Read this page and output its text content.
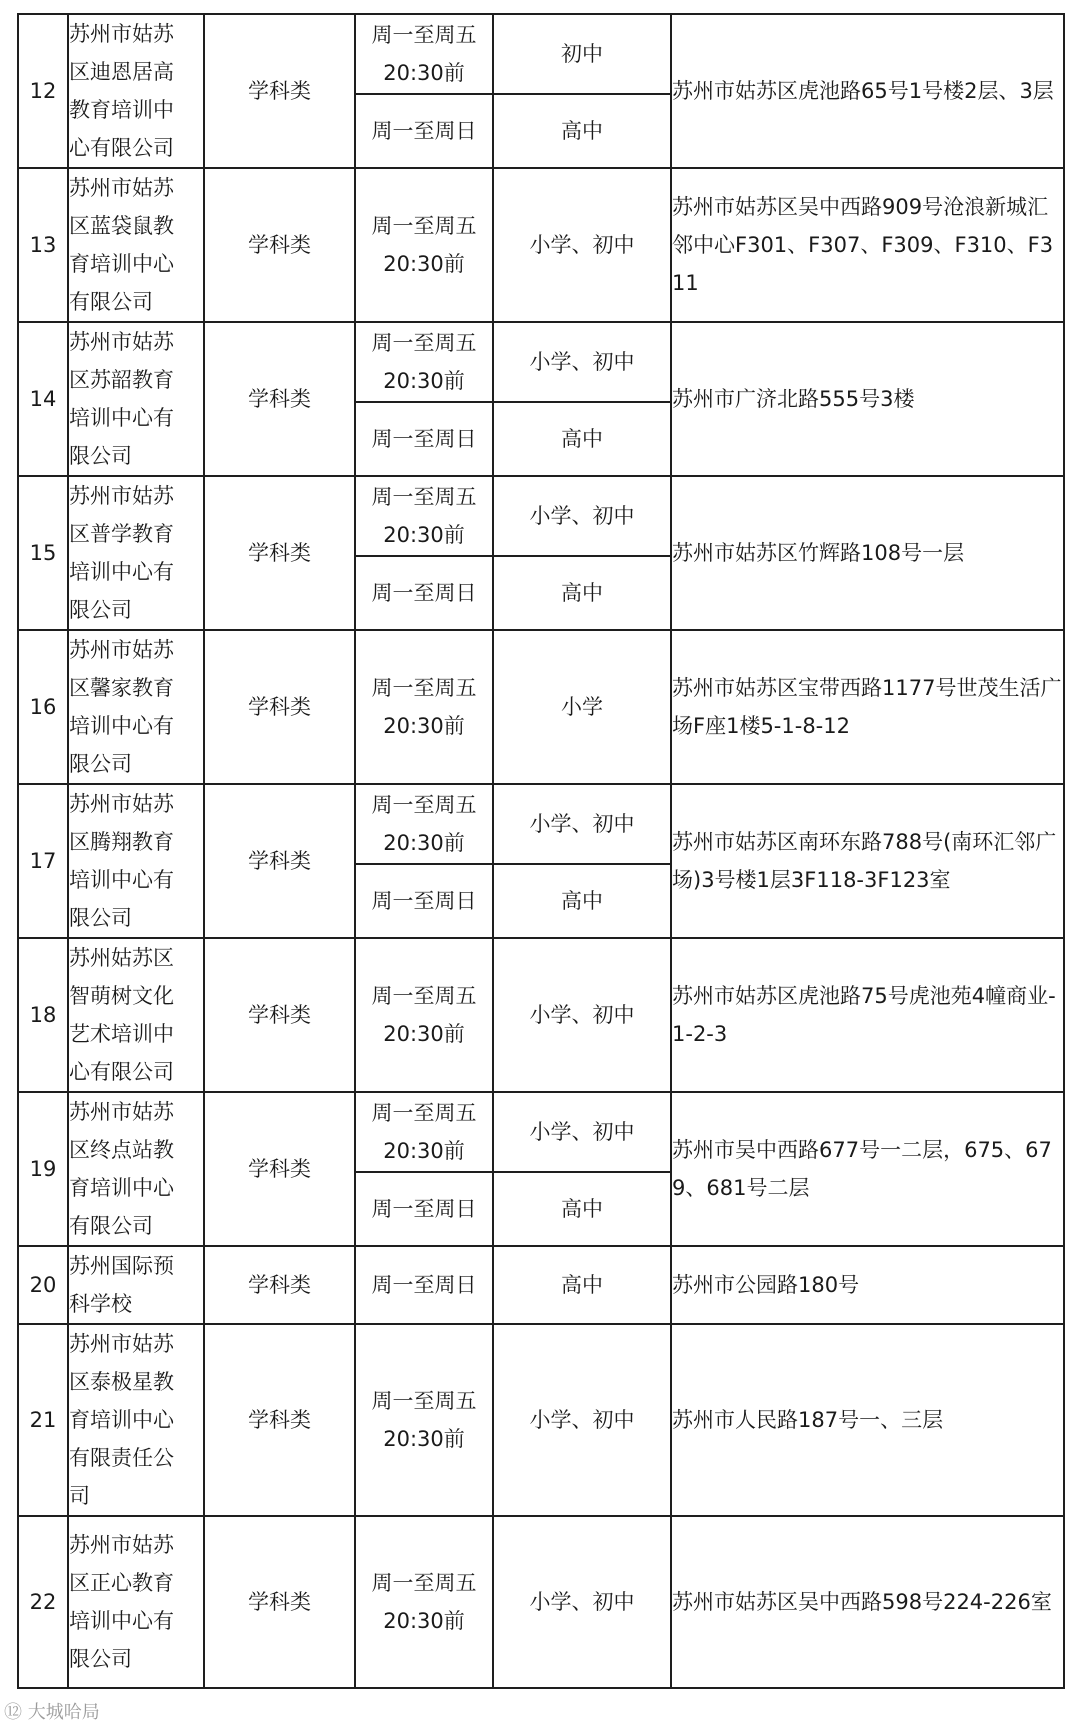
12	苏州市姑苏区迪恩居高教育培训中心有限公司	学科类	周一至周五20:30前	初中	苏州市姑苏区虎池路65号1号楼2层、3层

			周一至周日	高中	
13	苏州市姑苏区蓝袋鼠教育培训中心有限公司	学科类	周一至周五20:30前	小学、初中	苏州市姑苏区吴中西路909号沧浪新城汇邻中心F301、F307、F309、F310、F311

14	苏州市姑苏区苏韶教育培训中心有限公司	学科类	周一至周五20:30前	小学、初中	苏州市广济北路555号3楼

			周一至周日	高中	
15	苏州市姑苏区普学教育培训中心有限公司	学科类	周一至周五20:30前	小学、初中	苏州市姑苏区竹辉路108号一层

			周一至周日	高中	
16	苏州市姑苏区馨家教育培训中心有限公司	学科类	周一至周五20:30前	小学	苏州市姑苏区宝带西路1177号世茂生活广场F座1楼5-1-8-12

17	苏州市姑苏区腾翔教育培训中心有限公司	学科类	周一至周五20:30前	小学、初中	苏州市姑苏区南环东路788号(南环汇邻广场)3号楼1层3F118-3F123室

			周一至周日	高中	
18	苏州姑苏区智萌树文化艺术培训中心有限公司	学科类	周一至周五20:30前	小学、初中	苏州市姑苏区虎池路75号虎池苑4幢商业-1-2-3

19	苏州市姑苏区终点站教育培训中心有限公司	学科类	周一至周五20:30前	小学、初中	苏州市吴中西路677号一二层，675、679、681号二层

			周一至周日	高中	
20	苏州国际预科学校	学科类	周一至周日	高中	苏州市公园路180号

21	苏州市姑苏区泰极星教育培训中心有限责任公司	学科类	周一至周五20:30前	小学、初中	苏州市人民路187号一、三层

22	苏州市姑苏区正心教育培训中心有限公司	学科类	周一至周五20:30前	小学、初中	苏州市姑苏区吴中西路598号224-226室
⑫ 大城哈局
